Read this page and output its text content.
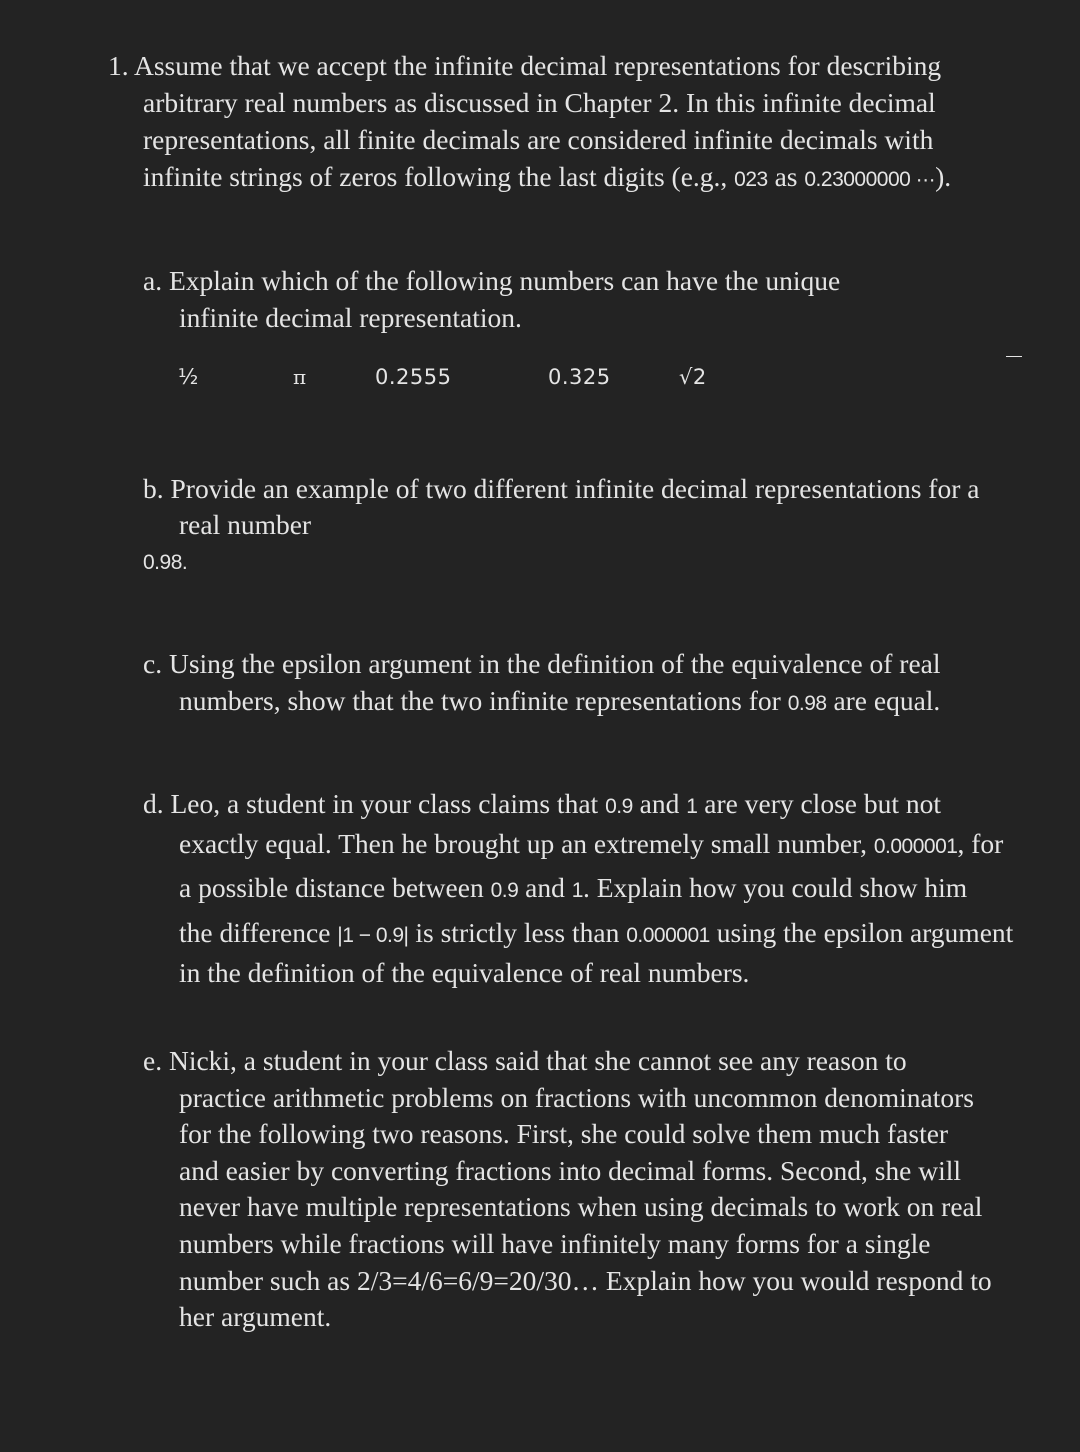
1. Assume that we accept the infinite decimal representations for describing
arbitrary real numbers as discussed in Chapter 2. In this infinite decimal
representations, all finite decimals are considered infinite decimals with
infinite strings of zeros following the last digits (e.g., 023 as 0.23000000 ···).
a. Explain which of the following numbers can have the unique
infinite decimal representation.
½	π	0.2555	0.325	√2
b. Provide an example of two different infinite decimal representations for a
real number
0.98.
c. Using the epsilon argument in the definition of the equivalence of real
numbers, show that the two infinite representations for 0.98 are equal.
d. Leo, a student in your class claims that 0.9 and 1 are very close but not
exactly equal. Then he brought up an extremely small number, 0.000001, for
a possible distance between 0.9 and 1. Explain how you could show him
the difference |1 − 0.9| is strictly less than 0.000001 using the epsilon argument
in the definition of the equivalence of real numbers.
e. Nicki, a student in your class said that she cannot see any reason to
practice arithmetic problems on fractions with uncommon denominators
for the following two reasons. First, she could solve them much faster
and easier by converting fractions into decimal forms. Second, she will
never have multiple representations when using decimals to work on real
numbers while fractions will have infinitely many forms for a single
number such as 2/3=4/6=6/9=20/30… Explain how you would respond to
her argument.
